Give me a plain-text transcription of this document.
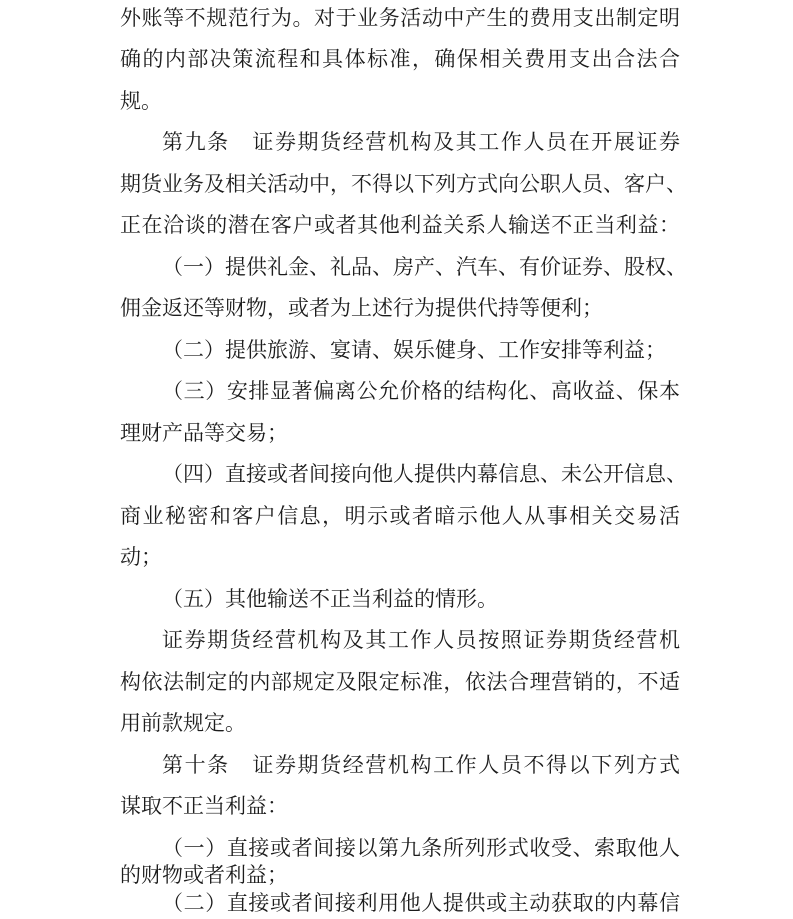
外账等不规范行为。对于业务活动中产生的费用支出制定明
确的内部决策流程和具体标准，确保相关费用支出合法合
规。
第九条　证券期货经营机构及其工作人员在开展证券
期货业务及相关活动中，不得以下列方式向公职人员、客户、
正在洽谈的潜在客户或者其他利益关系人输送不正当利益：
（一）提供礼金、礼品、房产、汽车、有价证券、股权、
佣金返还等财物，或者为上述行为提供代持等便利；
（二）提供旅游、宴请、娱乐健身、工作安排等利益；
（三）安排显著偏离公允价格的结构化、高收益、保本
理财产品等交易；
（四）直接或者间接向他人提供内幕信息、未公开信息、
商业秘密和客户信息，明示或者暗示他人从事相关交易活
动；
（五）其他输送不正当利益的情形。
证券期货经营机构及其工作人员按照证券期货经营机
构依法制定的内部规定及限定标准，依法合理营销的，不适
用前款规定。
第十条　证券期货经营机构工作人员不得以下列方式
谋取不正当利益：
（一）直接或者间接以第九条所列形式收受、索取他人
的财物或者利益；
（二）直接或者间接利用他人提供或主动获取的内幕信
